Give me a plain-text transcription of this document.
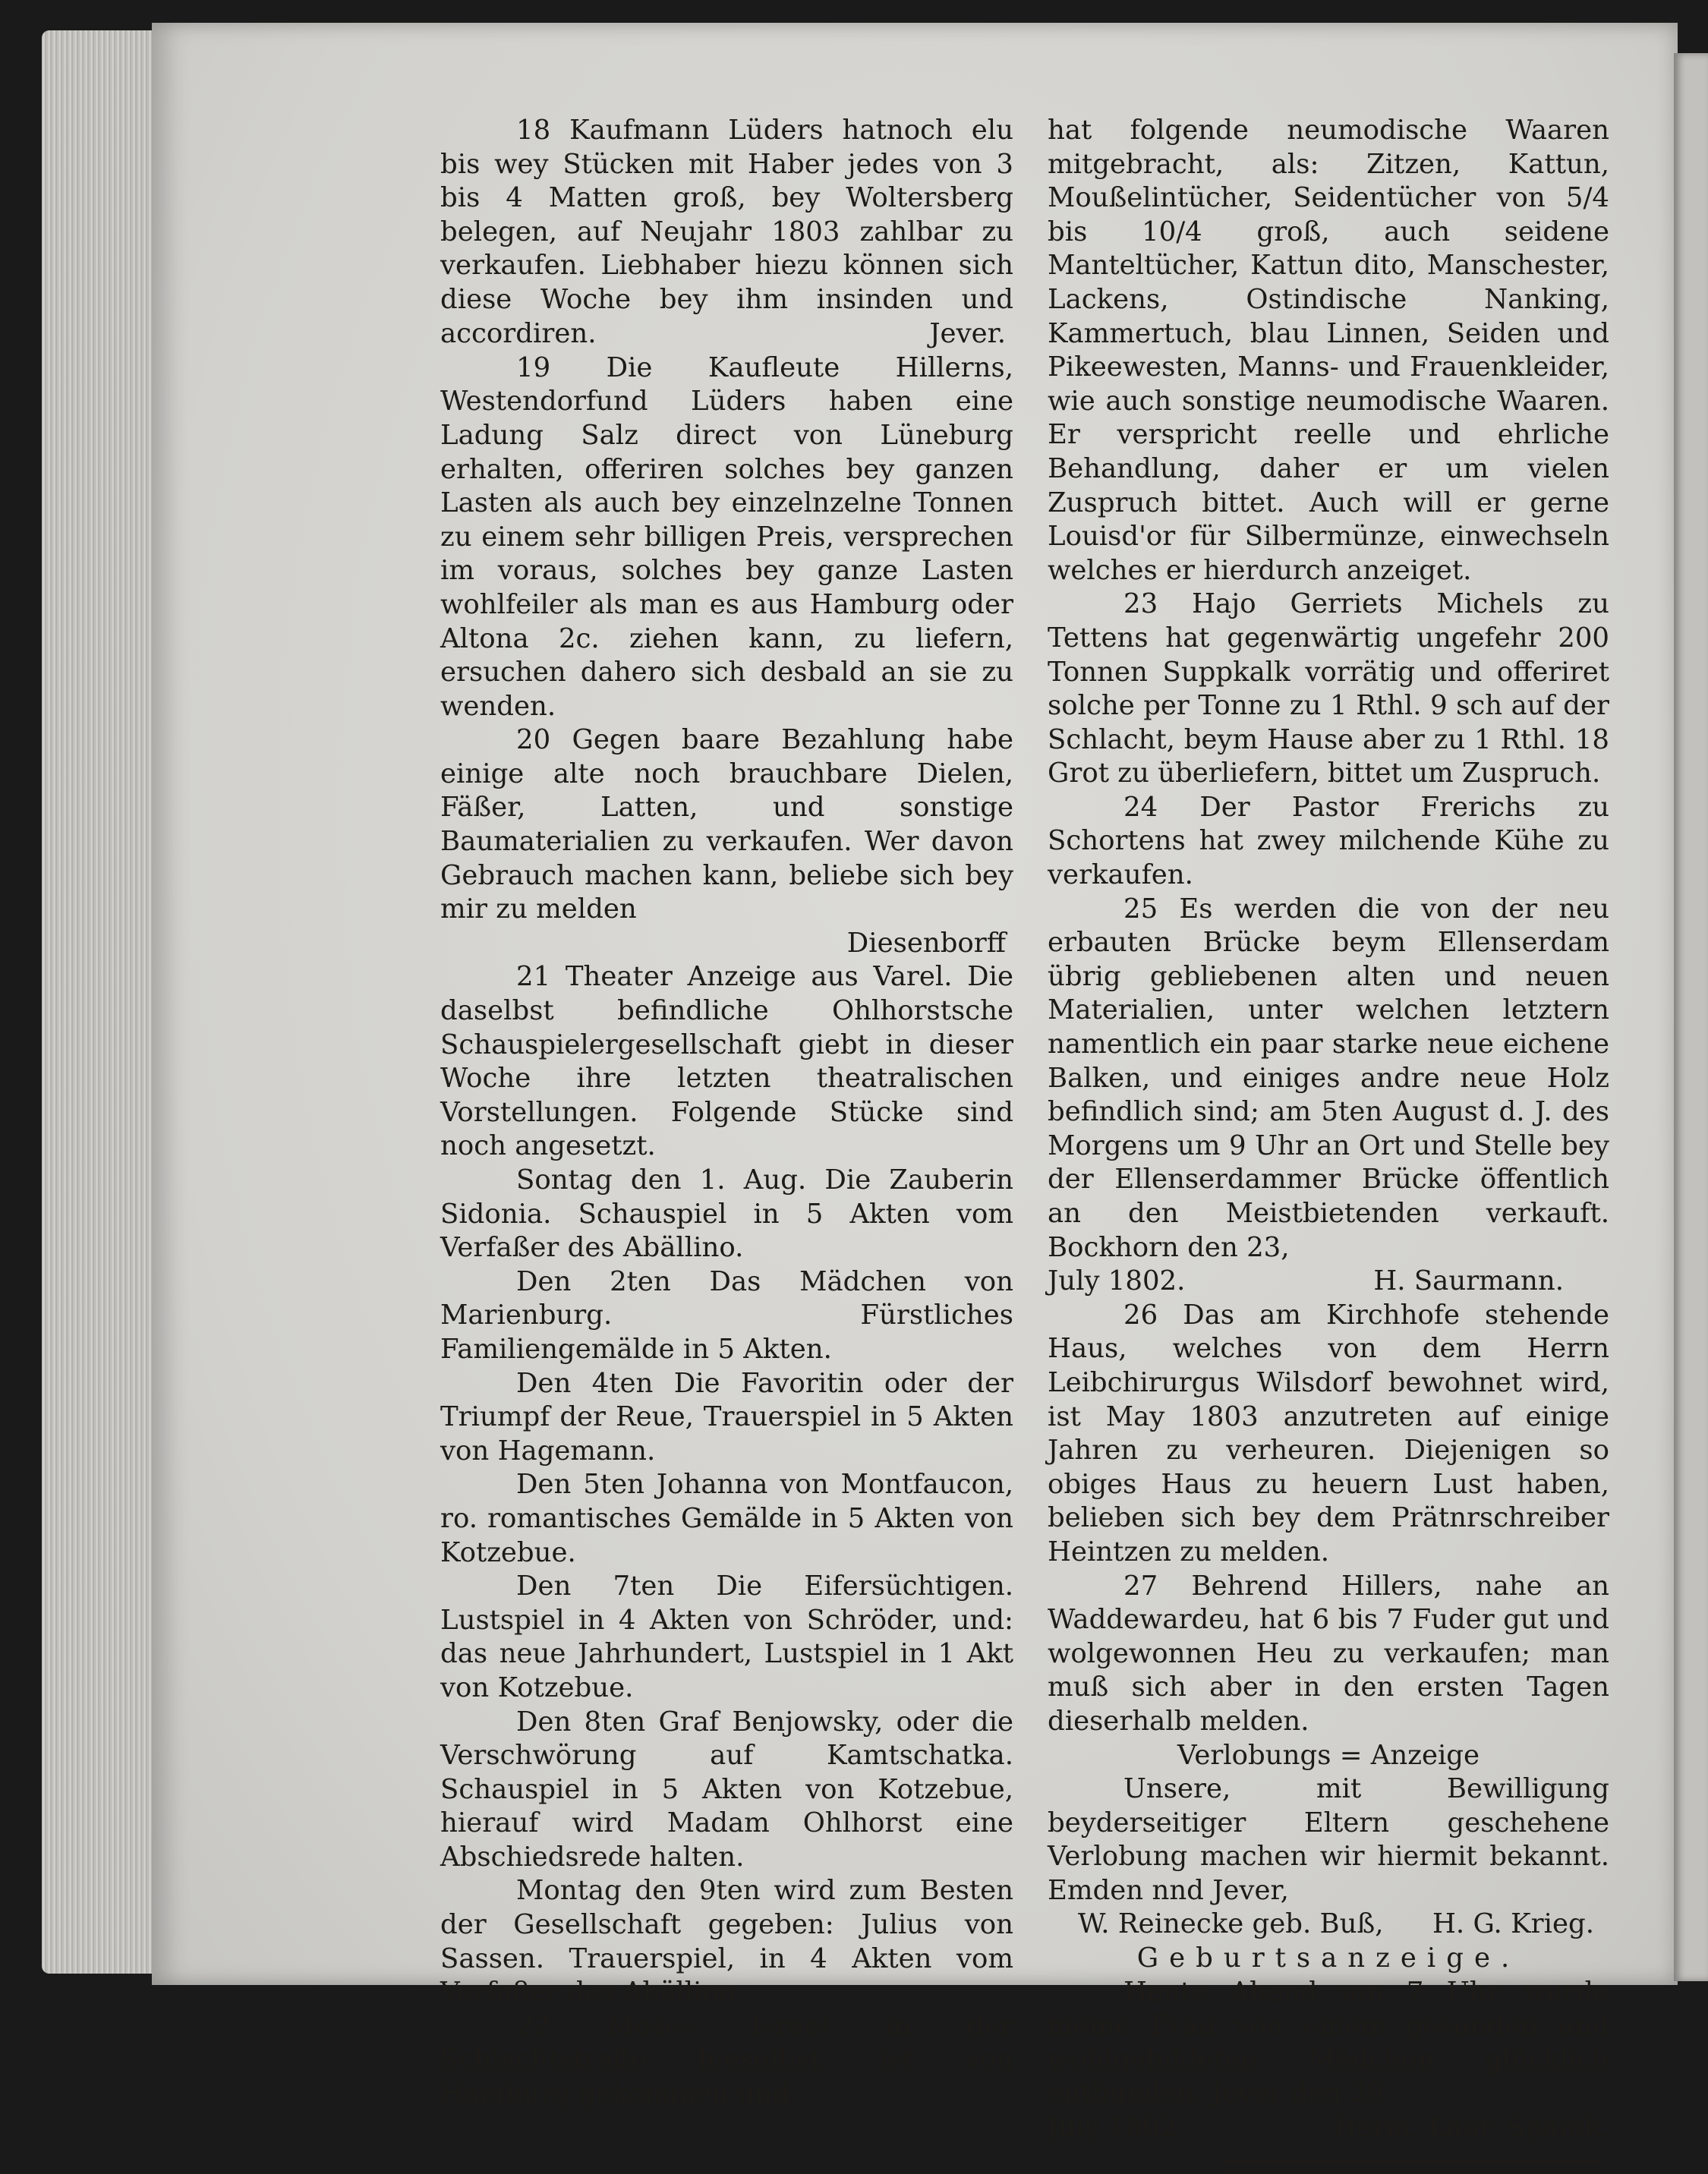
18 Kaufmann Lüders hatnoch elu bis wey Stücken mit Haber jedes von 3 bis 4 Matten groß, bey Woltersberg belegen, auf Neujahr 1803 zahlbar zu verkaufen. Liebhaber hiezu können sich diese Woche bey ihm insinden und accordiren.	Jever.

19 Die Kaufleute Hillerns, Westendorfund Lüders haben eine Ladung Salz direct von Lüneburg erhalten, offeriren solches bey ganzen Lasten als auch bey einzelnzelne Tonnen zu einem sehr billigen Preis, versprechen im voraus, solches bey ganze Lasten wohlfeiler als man es aus Hamburg oder Altona 2c. ziehen kann, zu liefern, ersuchen dahero sich desbald an sie zu wenden.

20 Gegen baare Bezahlung habe einige alte noch brauchbare Dielen, Fäßer, Latten, und sonstige Baumaterialien zu verkaufen. Wer davon Gebrauch machen kann, beliebe sich bey mir zu melden

Diesenborff

21 Theater Anzeige aus Varel. Die daselbst befindliche Ohlhorstsche Schauspielergesellschaft giebt in dieser Woche ihre letzten theatralischen Vorstellungen. Folgende Stücke sind noch angesetzt.

Sontag den 1. Aug. Die Zauberin Sidonia. Schauspiel in 5 Akten vom Verfaßer des Abällino.

Den 2ten Das Mädchen von Marienburg. Fürstliches Familiengemälde in 5 Akten.

Den 4ten Die Favoritin oder der Triumpf der Reue, Trauerspiel in 5 Akten von Hagemann.

Den 5ten Johanna von Montfaucon, ro. romantisches Gemälde in 5 Akten von Kotzebue.

Den 7ten Die Eifersüchtigen. Lustspiel in 4 Akten von Schröder, und: das neue Jahrhundert, Lustspiel in 1 Akt von Kotzebue.

Den 8ten Graf Benjowsky, oder die Verschwörung auf Kamtschatka. Schauspiel in 5 Akten von Kotzebue, hierauf wird Madam Ohlhorst eine Abschiedsrede halten.

Montag den 9ten wird zum Besten der Gesellschaft gegeben: Julius von Sassen. Trauerspiel, in 4 Akten vom Verfaßer des Abällino.

22 Moses Israel in der Schlachtstraße hieselbst, ist von Hamburg gekommen und

hat folgende neumodische Waaren mitgebracht, als: Zitzen, Kattun, Moußelintücher, Seidentücher von 5/4 bis 10/4 groß, auch seidene Manteltücher, Kattun dito, Manschester, Lackens, Ostindische Nanking, Kammertuch, blau Linnen, Seiden und Pikeewesten, Manns- und Frauenkleider, wie auch sonstige neumodische Waaren. Er verspricht reelle und ehrliche Behandlung, daher er um vielen Zuspruch bittet. Auch will er gerne Louisd'or für Silbermünze, einwechseln welches er hierdurch anzeiget.

23 Hajo Gerriets Michels zu Tettens hat gegenwärtig ungefehr 200 Tonnen Suppkalk vorrätig und offeriret solche per Tonne zu 1 Rthl. 9 sch auf der Schlacht, beym Hause aber zu 1 Rthl. 18 Grot zu überliefern, bittet um Zuspruch.

24 Der Pastor Frerichs zu Schortens hat zwey milchende Kühe zu verkaufen.

25 Es werden die von der neu erbauten Brücke beym Ellenserdam übrig gebliebenen alten und neuen Materialien, unter welchen letztern namentlich ein paar starke neue eichene Balken, und einiges andre neue Holz befindlich sind; am 5ten August d. J. des Morgens um 9 Uhr an Ort und Stelle bey der Ellenserdammer Brücke öffentlich an den Meistbietenden verkauft. Bockhorn den 23,

July 1802.	H. Saurmann.

26 Das am Kirchhofe stehende Haus, welches von dem Herrn Leibchirurgus Wilsdorf bewohnet wird, ist May 1803 anzutreten auf einige Jahren zu verheuren. Diejenigen so obiges Haus zu heuern Lust haben, belieben sich bey dem Prätnrschreiber Heintzen zu melden.

27 Behrend Hillers, nahe an Waddewardeu, hat 6 bis 7 Fuder gut und wolgewonnen Heu zu verkaufen; man muß sich aber in den ersten Tagen dieserhalb melden.

Verlobungs = Anzeige

Unsere, mit Bewilligung beyderseitiger Eltern geschehene Verlobung machen wir hiermit bekannt. Emden nnd Jever,

W. Reinecke geb. Buß, H. G. Krieg.

Geburtsanzeige.

Heute Abend um 7 Uhr wurde meine Frau von einem gesunden und wohlgebildeten Mädchen glücklich entbunden. Jever den 29

July 1802.	Herm. Laur. Spaink.
